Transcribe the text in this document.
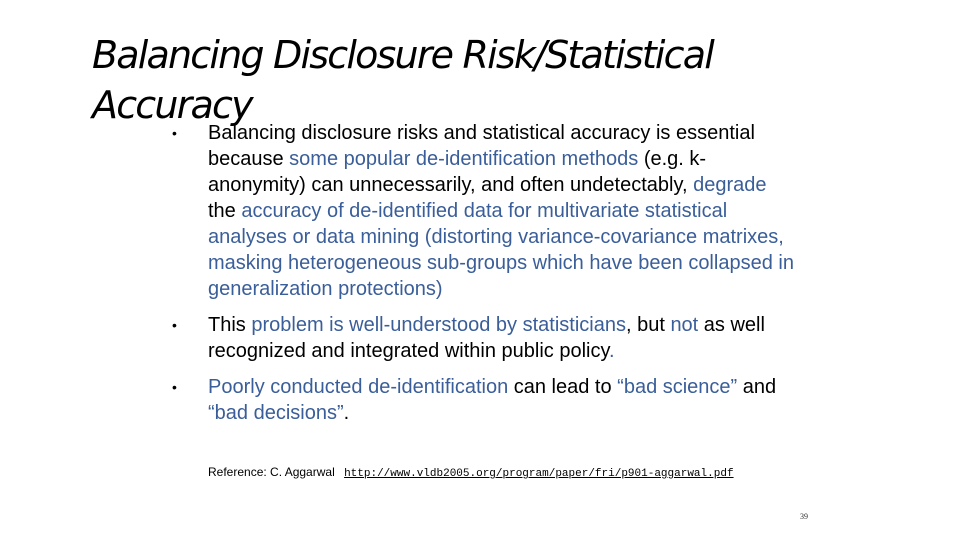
Balancing Disclosure Risk/Statistical Accuracy
• Balancing disclosure risks and statistical accuracy is essential because some popular de-identification methods (e.g. k-anonymity) can unnecessarily, and often undetectably, degrade the accuracy of de-identified data for multivariate statistical analyses or data mining (distorting variance-covariance matrixes, masking heterogeneous sub-groups which have been collapsed in generalization protections)
• This problem is well-understood by statisticians, but not as well recognized and integrated within public policy.
• Poorly conducted de-identification can lead to “bad science” and “bad decisions”.
Reference: C. Aggarwal http://www.vldb2005.org/program/paper/fri/p901-aggarwal.pdf
39
